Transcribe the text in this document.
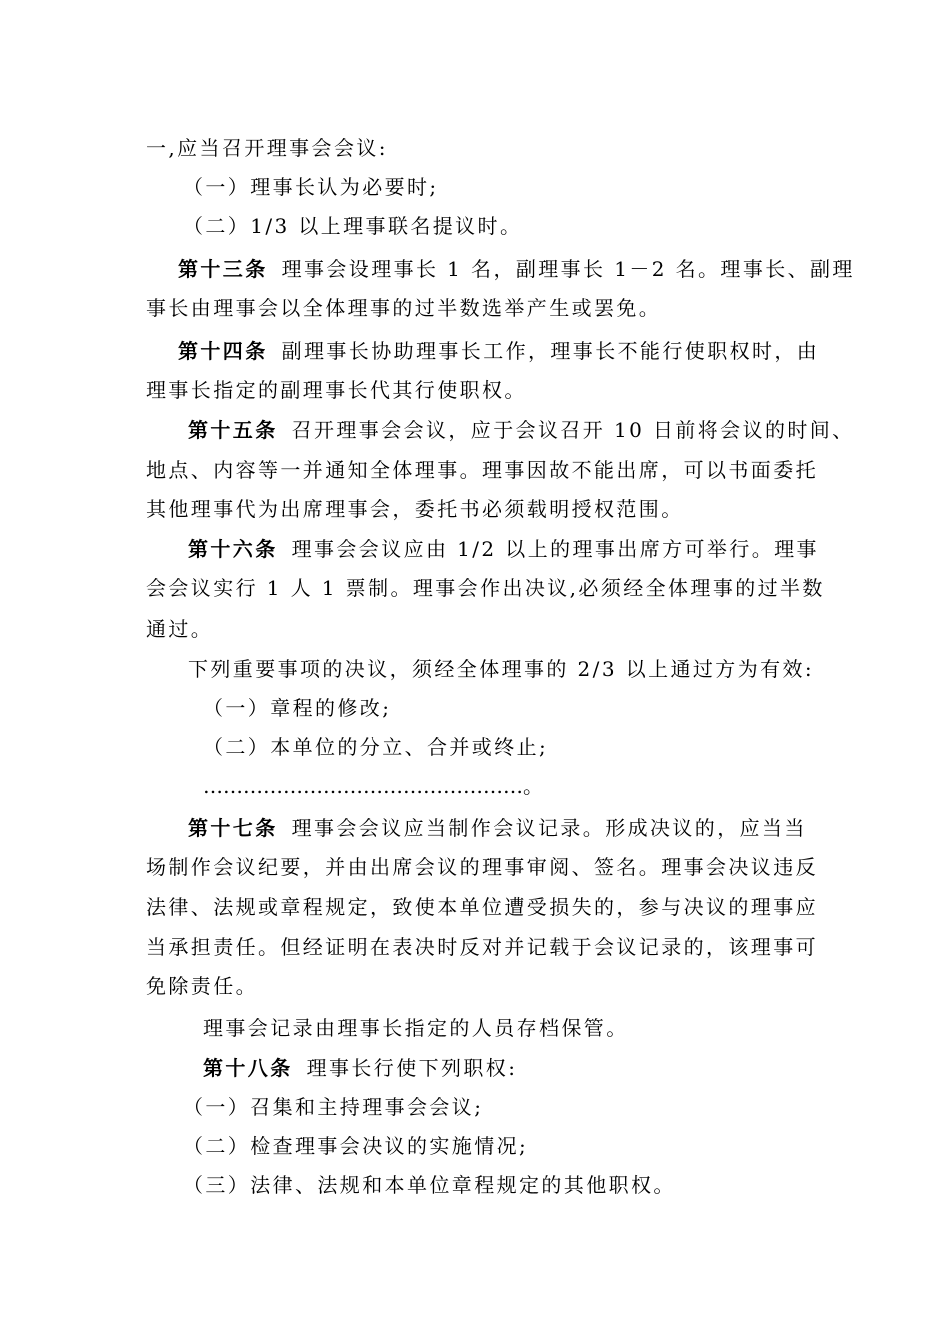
一,应当召开理事会会议:
（一）理事长认为必要时;
（二）1/3 以上理事联名提议时。
第十三条 理事会设理事长 1 名，副理事长 1－2 名。理事长、副理
事长由理事会以全体理事的过半数选举产生或罢免。
第十四条 副理事长协助理事长工作，理事长不能行使职权时，由
理事长指定的副理事长代其行使职权。
第十五条 召开理事会会议，应于会议召开 10 日前将会议的时间、
地点、内容等一并通知全体理事。理事因故不能出席，可以书面委托
其他理事代为出席理事会，委托书必须载明授权范围。
第十六条 理事会会议应由 1/2 以上的理事出席方可举行。理事
会会议实行 1 人 1 票制。理事会作出决议,必须经全体理事的过半数
通过。
下列重要事项的决议，须经全体理事的 2/3 以上通过方为有效:
（一）章程的修改;
（二）本单位的分立、合并或终止;
…………………………………………。
第十七条 理事会会议应当制作会议记录。形成决议的，应当当
场制作会议纪要，并由出席会议的理事审阅、签名。理事会决议违反
法律、法规或章程规定，致使本单位遭受损失的，参与决议的理事应
当承担责任。但经证明在表决时反对并记载于会议记录的，该理事可
免除责任。
理事会记录由理事长指定的人员存档保管。
第十八条 理事长行使下列职权:
（一）召集和主持理事会会议;
（二）检查理事会决议的实施情况;
（三）法律、法规和本单位章程规定的其他职权。
